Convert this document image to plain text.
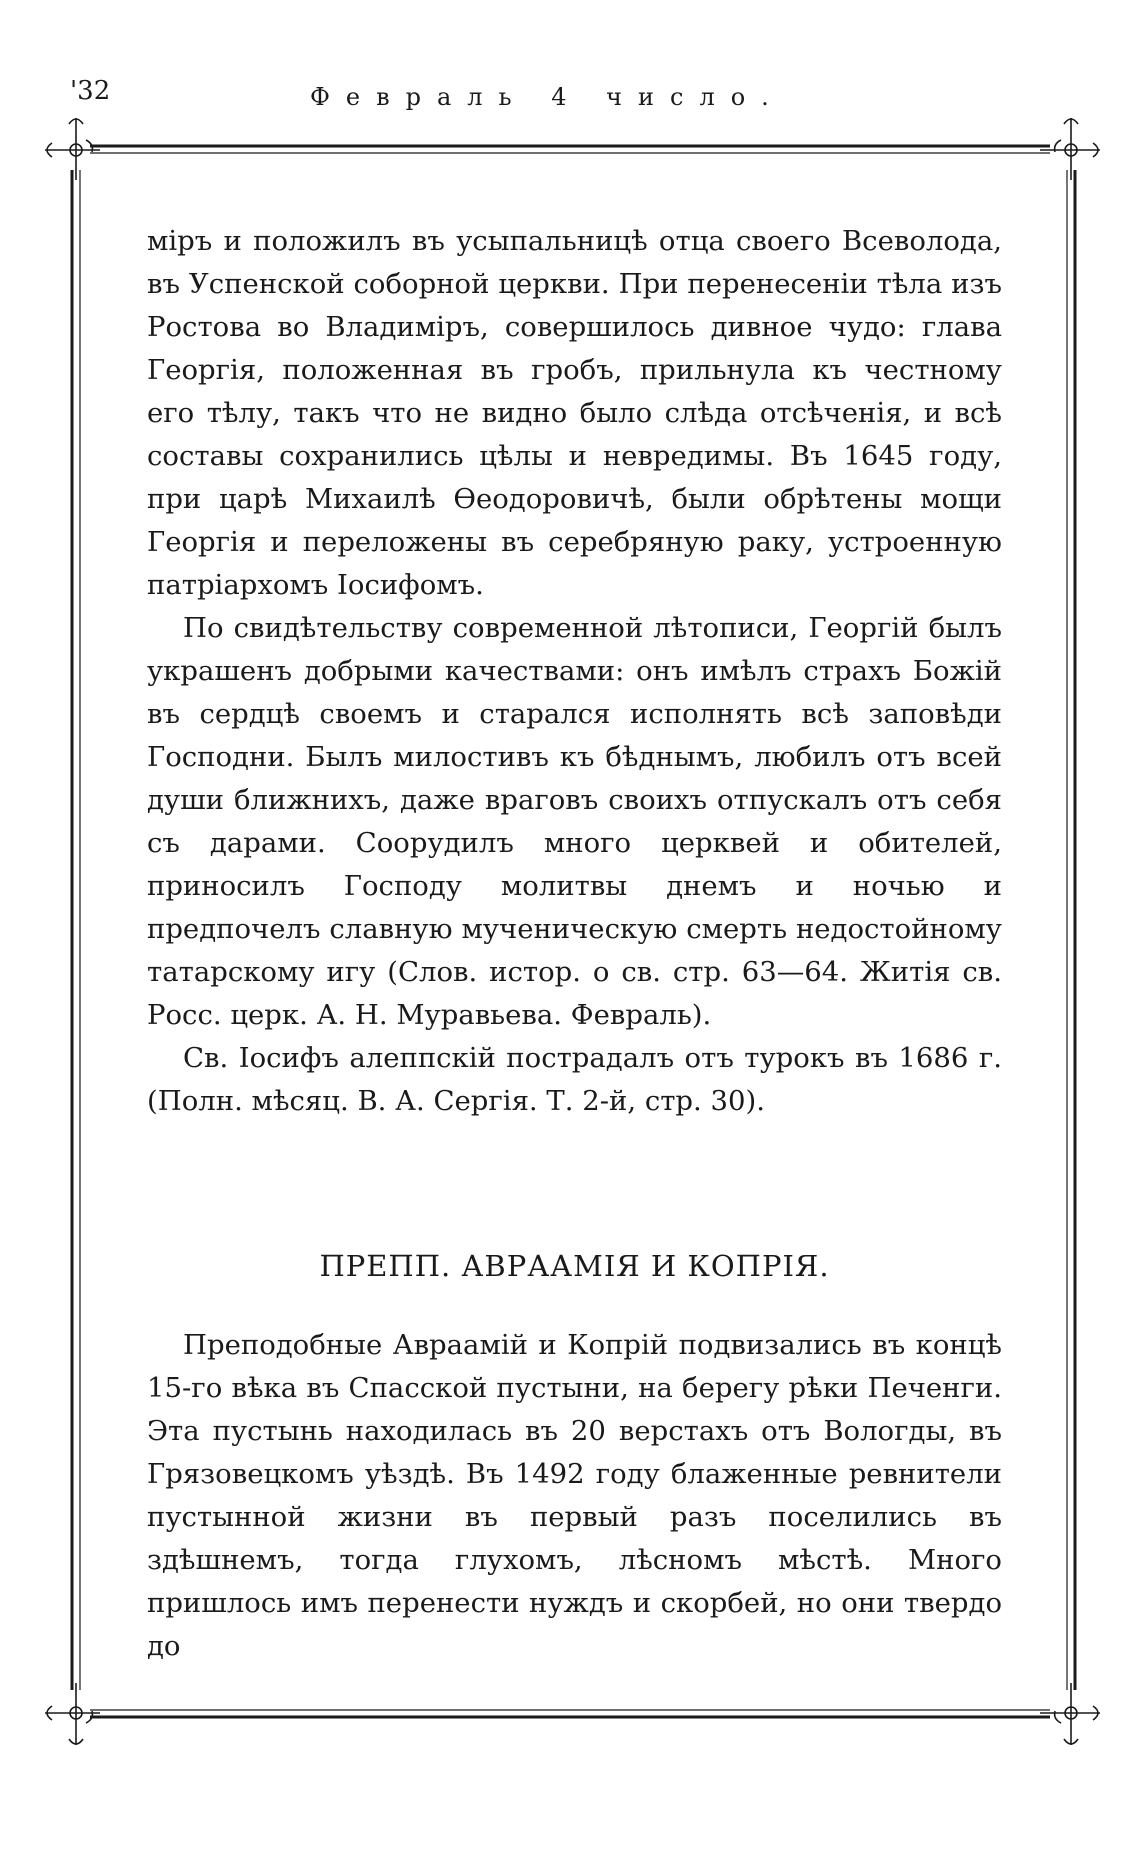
'32	Февраль 4 число.

міръ и положилъ въ усыпальницѣ отца своего Всеволода, въ Успенской соборной церкви. При перенесеніи тѣла изъ Ростова во Владиміръ, совершилось дивное чудо: глава Георгія, положенная въ гробъ, прильнула къ честному его тѣлу, такъ что не видно было слѣда отсѣченія, и всѣ составы сохранились цѣлы и невредимы. Въ 1645 году, при царѣ Михаилѣ Ѳеодоровичѣ, были обрѣтены мощи Георгія и переложены въ серебряную раку, устроенную патріархомъ Іосифомъ.

По свидѣтельству современной лѣтописи, Георгій былъ украшенъ добрыми качествами: онъ имѣлъ страхъ Божій въ сердцѣ своемъ и старался исполнять всѣ заповѣди Господни. Былъ милостивъ къ бѣднымъ, любилъ отъ всей души ближнихъ, даже враговъ своихъ отпускалъ отъ себя съ дарами. Соорудилъ много церквей и обителей, приносилъ Господу молитвы днемъ и ночью и предпочелъ славную мученическую смерть недостойному татарскому игу (Слов. истор. о св. стр. 63—64. Житія св. Росс. церк. А. Н. Муравьева. Февраль).

Св. Іосифъ алеппскій пострадалъ отъ турокъ въ 1686 г. (Полн. мѣсяц. В. А. Сергія. Т. 2-й, стр. 30).

ПРЕПП. АВРААМІЯ И КОПРІЯ.

Преподобные Авраамій и Копрій подвизались въ концѣ 15-го вѣка въ Спасской пустыни, на берегу рѣки Печенги. Эта пустынь находилась въ 20 верстахъ отъ Вологды, въ Грязовецкомъ уѣздѣ. Въ 1492 году блаженные ревнители пустынной жизни въ первый разъ поселились въ здѣшнемъ, тогда глухомъ, лѣсномъ мѣстѣ. Много пришлось имъ перенести нуждъ и скорбей, но они твердо до
